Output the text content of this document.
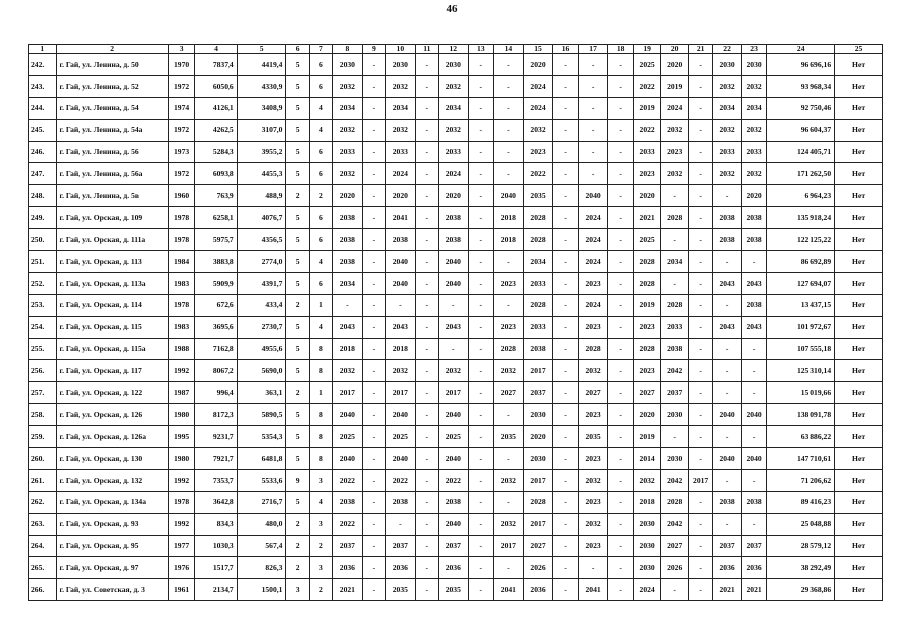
46
1	2	3	4	5	6	7	8	9	10	11	12	13	14	15	16	17	18	19	20	21	22	23	24	25
242.	г. Гай, ул. Ленина, д. 50	1970	7837,4	4419,4	5	6	2030	-	2030	-	2030	-	-	2020	-	-	-	2025	2020	-	2030	2030	96 696,16	Нет
243.	г. Гай, ул. Ленина, д. 52	1972	6050,6	4330,9	5	6	2032	-	2032	-	2032	-	-	2024	-	-	-	2022	2019	-	2032	2032	93 968,34	Нет
244.	г. Гай, ул. Ленина, д. 54	1974	4126,1	3408,9	5	4	2034	-	2034	-	2034	-	-	2024	-	-	-	2019	2024	-	2034	2034	92 750,46	Нет
245.	г. Гай, ул. Ленина, д. 54а	1972	4262,5	3107,0	5	4	2032	-	2032	-	2032	-	-	2032	-	-	-	2022	2032	-	2032	2032	96 604,37	Нет
246.	г. Гай, ул. Ленина, д. 56	1973	5284,3	3955,2	5	6	2033	-	2033	-	2033	-	-	2023	-	-	-	2033	2023	-	2033	2033	124 405,71	Нет
247.	г. Гай, ул. Ленина, д. 56а	1972	6093,8	4455,3	5	6	2032	-	2024	-	2024	-	-	2022	-	-	-	2023	2032	-	2032	2032	171 262,50	Нет
248.	г. Гай, ул. Ленина, д. 5в	1960	763,9	488,9	2	2	2020	-	2020	-	2020	-	2040	2035	-	2040	-	2020	-	-	-	2020	6 964,23	Нет
249.	г. Гай, ул. Орская, д. 109	1978	6258,1	4076,7	5	6	2038	-	2041	-	2038	-	2018	2028	-	2024	-	2021	2028	-	2038	2038	135 918,24	Нет
250.	г. Гай, ул. Орская, д. 111а	1978	5975,7	4356,5	5	6	2038	-	2038	-	2038	-	2018	2028	-	2024	-	2025	-	-	2038	2038	122 125,22	Нет
251.	г. Гай, ул. Орская, д. 113	1984	3883,8	2774,0	5	4	2038	-	2040	-	2040	-	-	2034	-	2024	-	2028	2034	-	-	-	86 692,89	Нет
252.	г. Гай, ул. Орская, д. 113а	1983	5909,9	4391,7	5	6	2034	-	2040	-	2040	-	2023	2033	-	2023	-	2028	-	-	2043	2043	127 694,07	Нет
253.	г. Гай, ул. Орская, д. 114	1978	672,6	433,4	2	1	-	-	-	-	-	-	-	2028	-	2024	-	2019	2028	-	-	2038	13 437,15	Нет
254.	г. Гай, ул. Орская, д. 115	1983	3695,6	2730,7	5	4	2043	-	2043	-	2043	-	2023	2033	-	2023	-	2023	2033	-	2043	2043	101 972,67	Нет
255.	г. Гай, ул. Орская, д. 115а	1988	7162,8	4955,6	5	8	2018	-	2018	-	-	-	2028	2038	-	2028	-	2028	2038	-	-	-	107 555,18	Нет
256.	г. Гай, ул. Орская, д. 117	1992	8067,2	5690,0	5	8	2032	-	2032	-	2032	-	2032	2017	-	2032	-	2023	2042	-	-	-	125 310,14	Нет
257.	г. Гай, ул. Орская, д. 122	1987	996,4	363,1	2	1	2017	-	2017	-	2017	-	2027	2037	-	2027	-	2027	2037	-	-	-	15 019,66	Нет
258.	г. Гай, ул. Орская, д. 126	1980	8172,3	5890,5	5	8	2040	-	2040	-	2040	-	-	2030	-	2023	-	2020	2030	-	2040	2040	138 091,78	Нет
259.	г. Гай, ул. Орская, д. 126а	1995	9231,7	5354,3	5	8	2025	-	2025	-	2025	-	2035	2020	-	2035	-	2019	-	-	-	-	63 886,22	Нет
260.	г. Гай, ул. Орская, д. 130	1980	7921,7	6481,8	5	8	2040	-	2040	-	2040	-	-	2030	-	2023	-	2014	2030	-	2040	2040	147 710,61	Нет
261.	г. Гай, ул. Орская, д. 132	1992	7353,7	5533,6	9	3	2022	-	2022	-	2022	-	2032	2017	-	2032	-	2032	2042	2017	-	-	71 206,62	Нет
262.	г. Гай, ул. Орская, д. 134а	1978	3642,8	2716,7	5	4	2038	-	2038	-	2038	-	-	2028	-	2023	-	2018	2028	-	2038	2038	89 416,23	Нет
263.	г. Гай, ул. Орская, д. 93	1992	834,3	480,0	2	3	2022	-	-	-	2040	-	2032	2017	-	2032	-	2030	2042	-	-	-	25 048,88	Нет
264.	г. Гай, ул. Орская, д. 95	1977	1030,3	567,4	2	2	2037	-	2037	-	2037	-	2017	2027	-	2023	-	2030	2027	-	2037	2037	28 579,12	Нет
265.	г. Гай, ул. Орская, д. 97	1976	1517,7	826,3	2	3	2036	-	2036	-	2036	-	-	2026	-	-	-	2030	2026	-	2036	2036	38 292,49	Нет
266.	г. Гай, ул. Советская, д. 3	1961	2134,7	1500,1	3	2	2021	-	2035	-	2035	-	2041	2036	-	2041	-	2024	-	-	2021	2021	29 368,86	Нет
